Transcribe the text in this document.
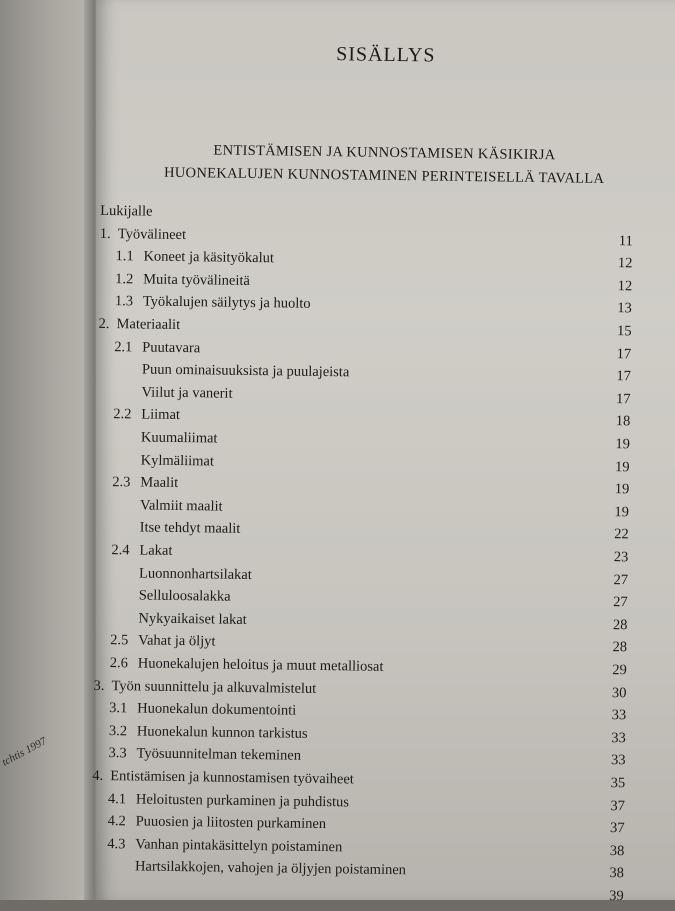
tchtis 1997
SISÄLLYS
ENTISTÄMISEN JA KUNNOSTAMISEN KÄSIKIRJA
HUONEKALUJEN KUNNOSTAMINEN PERINTEISELLÄ TAVALLA
Lukijalle
1. Työvälineet	11
1.1 Koneet ja käsityökalut	12
1.2 Muita työvälineitä	12
1.3 Työkalujen säilytys ja huolto	13
2. Materiaalit	15
2.1 Puutavara	17
Puun ominaisuuksista ja puulajeista	17
Viilut ja vanerit	17
2.2 Liimat	18
Kuumaliimat	19
Kylmäliimat	19
2.3 Maalit	19
Valmiit maalit	19
Itse tehdyt maalit	22
2.4 Lakat	23
Luonnonhartsilakat	27
Selluloosalakka	27
Nykyaikaiset lakat	28
2.5 Vahat ja öljyt	28
2.6 Huonekalujen heloitus ja muut metalliosat	29
3. Työn suunnittelu ja alkuvalmistelut	30
3.1 Huonekalun dokumentointi	33
3.2 Huonekalun kunnon tarkistus	33
3.3 Työsuunnitelman tekeminen	33
4. Entistämisen ja kunnostamisen työvaiheet	35
4.1 Heloitusten purkaminen ja puhdistus	37
4.2 Puuosien ja liitosten purkaminen	37
4.3 Vanhan pintakäsittelyn poistaminen	38
Hartsilakkojen, vahojen ja öljyjen poistaminen	38
39
